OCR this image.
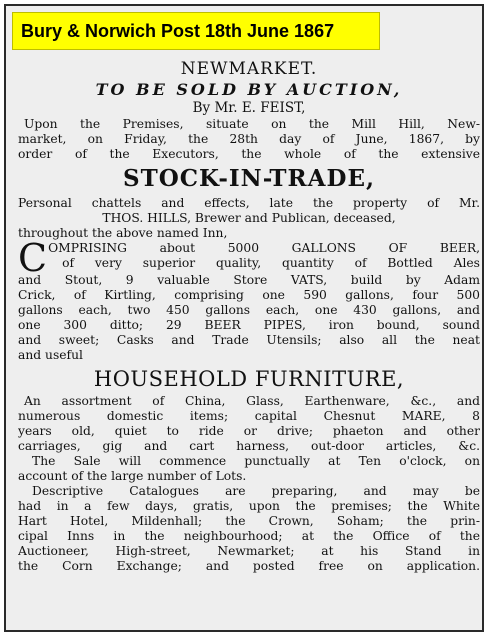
Bury & Norwich Post 18th June 1867
NEWMARKET.
TO BE SOLD BY AUCTION,
By Mr. E. FEIST,
Upon the Premises, situate on the Mill Hill, New-
market, on Friday, the 28th day of June, 1867, by
order of the Executors, the whole of the extensive
STOCK-IN-TRADE,
Personal chattels and effects, late the property of Mr.
THOS. HILLS, Brewer and Publican, deceased,
throughout the above named Inn,
C OMPRISING about 5000 GALLONS OF BEER,
of very superior quality, quantity of Bottled Ales
and Stout, 9 valuable Store VATS, build by Adam
Crick, of Kirtling, comprising one 590 gallons, four 500
gallons each, two 450 gallons each, one 430 gallons, and
one 300 ditto; 29 BEER PIPES, iron bound, sound
and sweet; Casks and Trade Utensils; also all the neat
and useful
HOUSEHOLD FURNITURE,
An assortment of China, Glass, Earthenware, &c., and
numerous domestic items; capital Chesnut MARE, 8
years old, quiet to ride or drive; phaeton and other
carriages, gig and cart harness, out-door articles, &c.
The Sale will commence punctually at Ten o'clock, on
account of the large number of Lots.
Descriptive Catalogues are preparing, and may be
had in a few days, gratis, upon the premises; the White
Hart Hotel, Mildenhall; the Crown, Soham; the prin-
cipal Inns in the neighbourhood; at the Office of the
Auctioneer, High-street, Newmarket; at his Stand in
the Corn Exchange; and posted free on application.
